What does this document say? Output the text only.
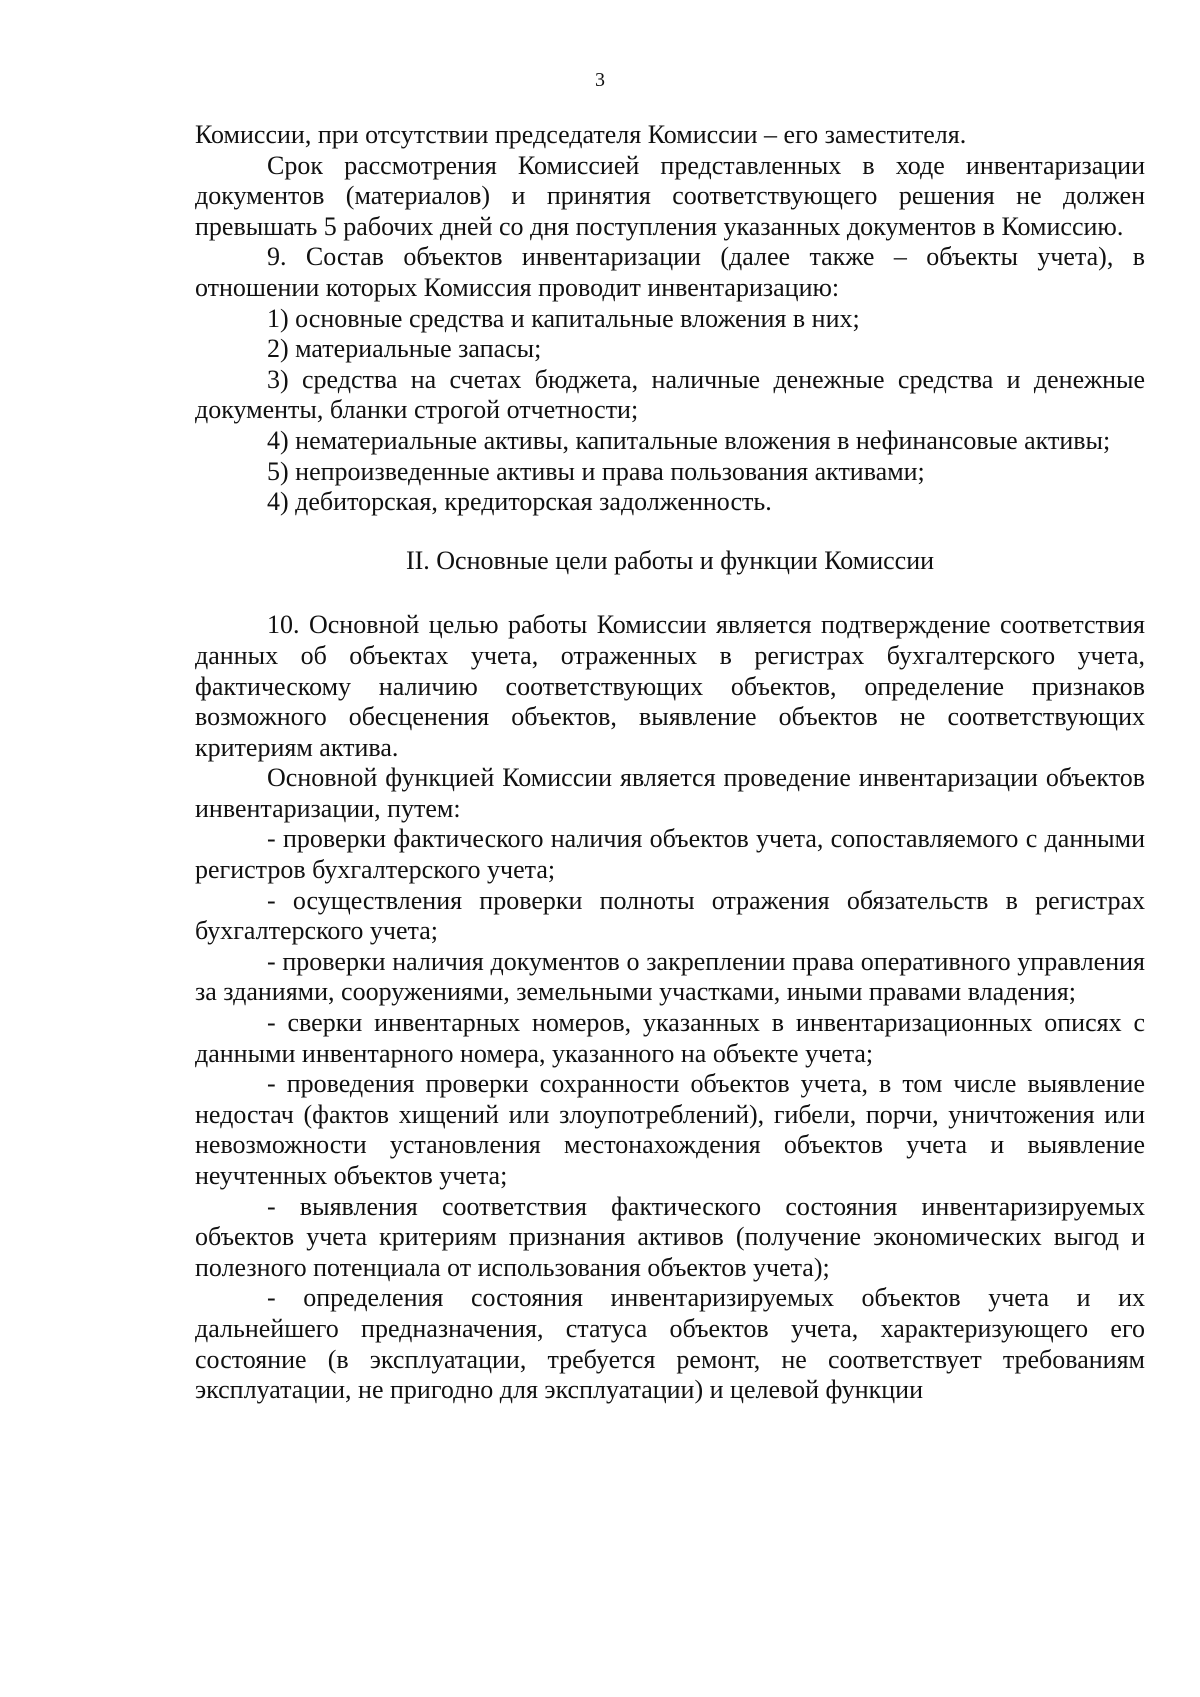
3

Комиссии, при отсутствии председателя Комиссии – его заместителя.

Срок рассмотрения Комиссией представленных в ходе инвентаризации документов (материалов) и принятия соответствующего решения не должен превышать 5 рабочих дней со дня поступления указанных документов в Комиссию.

9. Состав объектов инвентаризации (далее также – объекты учета), в отношении которых Комиссия проводит инвентаризацию:

1) основные средства и капитальные вложения в них;

2) материальные запасы;

3) средства на счетах бюджета, наличные денежные средства и денежные документы, бланки строгой отчетности;

4) нематериальные активы, капитальные вложения в нефинансовые активы;

5) непроизведенные активы и права пользования активами;

4) дебиторская, кредиторская задолженность.

II. Основные цели работы и функции Комиссии

10. Основной целью работы Комиссии является подтверждение соответствия данных об объектах учета, отраженных в регистрах бухгалтерского учета, фактическому наличию соответствующих объектов, определение признаков возможного обесценения объектов, выявление объектов не соответствующих критериям актива.

Основной функцией Комиссии является проведение инвентаризации объектов инвентаризации, путем:

- проверки фактического наличия объектов учета, сопоставляемого с данными регистров бухгалтерского учета;

- осуществления проверки полноты отражения обязательств в регистрах бухгалтерского учета;

- проверки наличия документов о закреплении права оперативного управления за зданиями, сооружениями, земельными участками, иными правами владения;

- сверки инвентарных номеров, указанных в инвентаризационных описях с данными инвентарного номера, указанного на объекте учета;

- проведения проверки сохранности объектов учета, в том числе выявление недостач (фактов хищений или злоупотреблений), гибели, порчи, уничтожения или невозможности установления местонахождения объектов учета и выявление неучтенных объектов учета;

- выявления соответствия фактического состояния инвентаризируемых объектов учета критериям признания активов (получение экономических выгод и полезного потенциала от использования объектов учета);

- определения состояния инвентаризируемых объектов учета и их дальнейшего предназначения, статуса объектов учета, характеризующего его состояние (в эксплуатации, требуется ремонт, не соответствует требованиям эксплуатации, не пригодно для эксплуатации) и целевой функции
